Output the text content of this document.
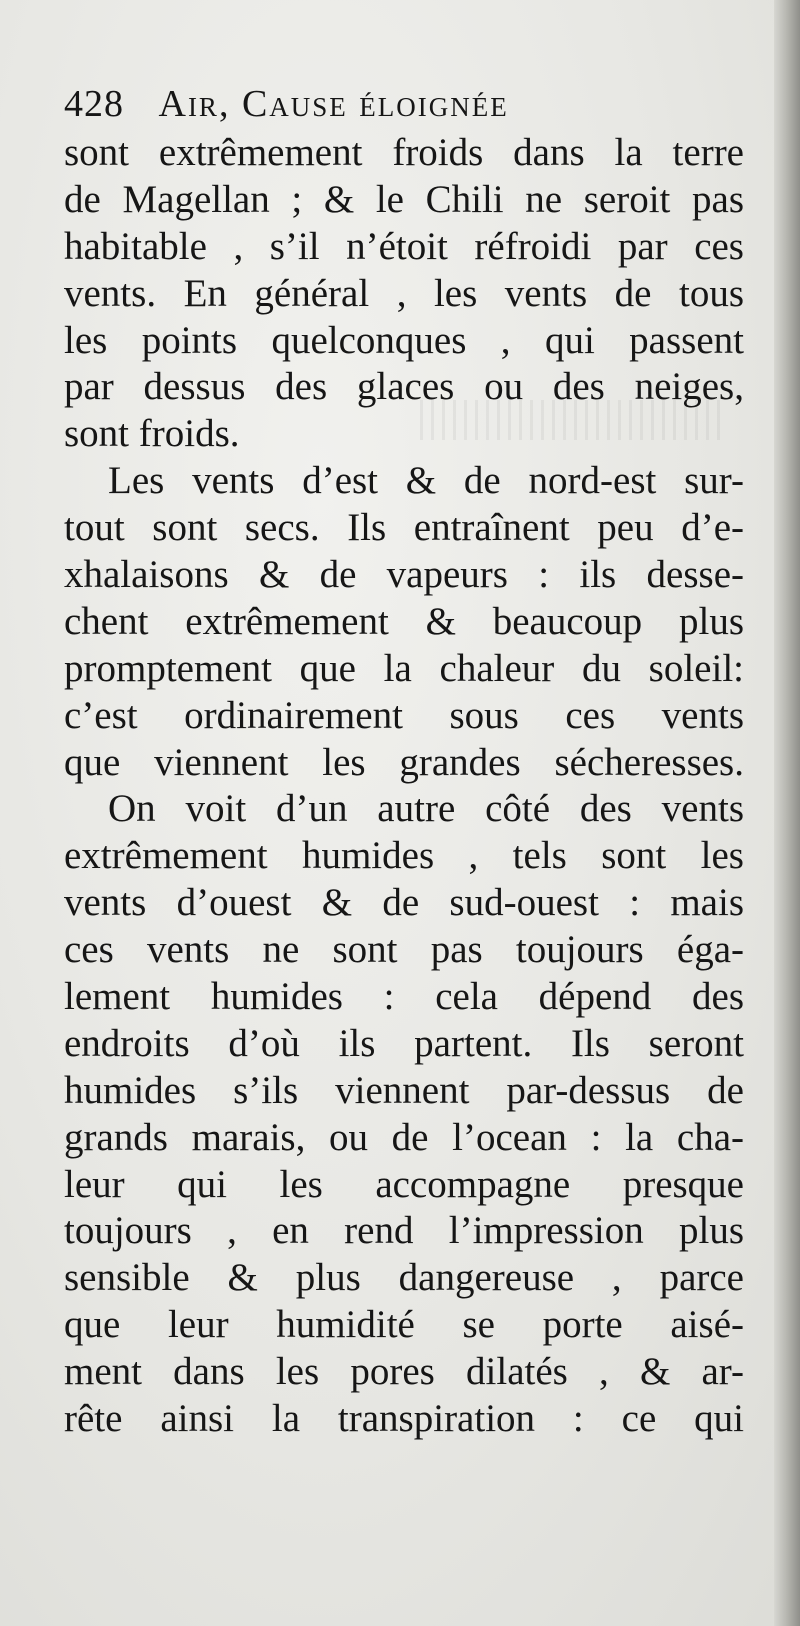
428 Air, Cause éloignée
sont extrêmement froids dans la terre
de Magellan ; & le Chili ne seroit pas
habitable , s’il n’étoit réfroidi par ces
vents. En général , les vents de tous
les points quelconques , qui passent
par dessus des glaces ou des neiges,
sont froids.
Les vents d’est & de nord-est sur-
tout sont secs. Ils entraînent peu d’e-
xhalaisons & de vapeurs : ils desse-
chent extrêmement & beaucoup plus
promptement que la chaleur du soleil:
c’est ordinairement sous ces vents
que viennent les grandes sécheresses.
On voit d’un autre côté des vents
extrêmement humides , tels sont les
vents d’ouest & de sud-ouest : mais
ces vents ne sont pas toujours éga-
lement humides : cela dépend des
endroits d’où ils partent. Ils seront
humides s’ils viennent par-dessus de
grands marais, ou de l’ocean : la cha-
leur qui les accompagne presque
toujours , en rend l’impression plus
sensible & plus dangereuse , parce
que leur humidité se porte aisé-
ment dans les pores dilatés , & ar-
rête ainsi la transpiration : ce qui
